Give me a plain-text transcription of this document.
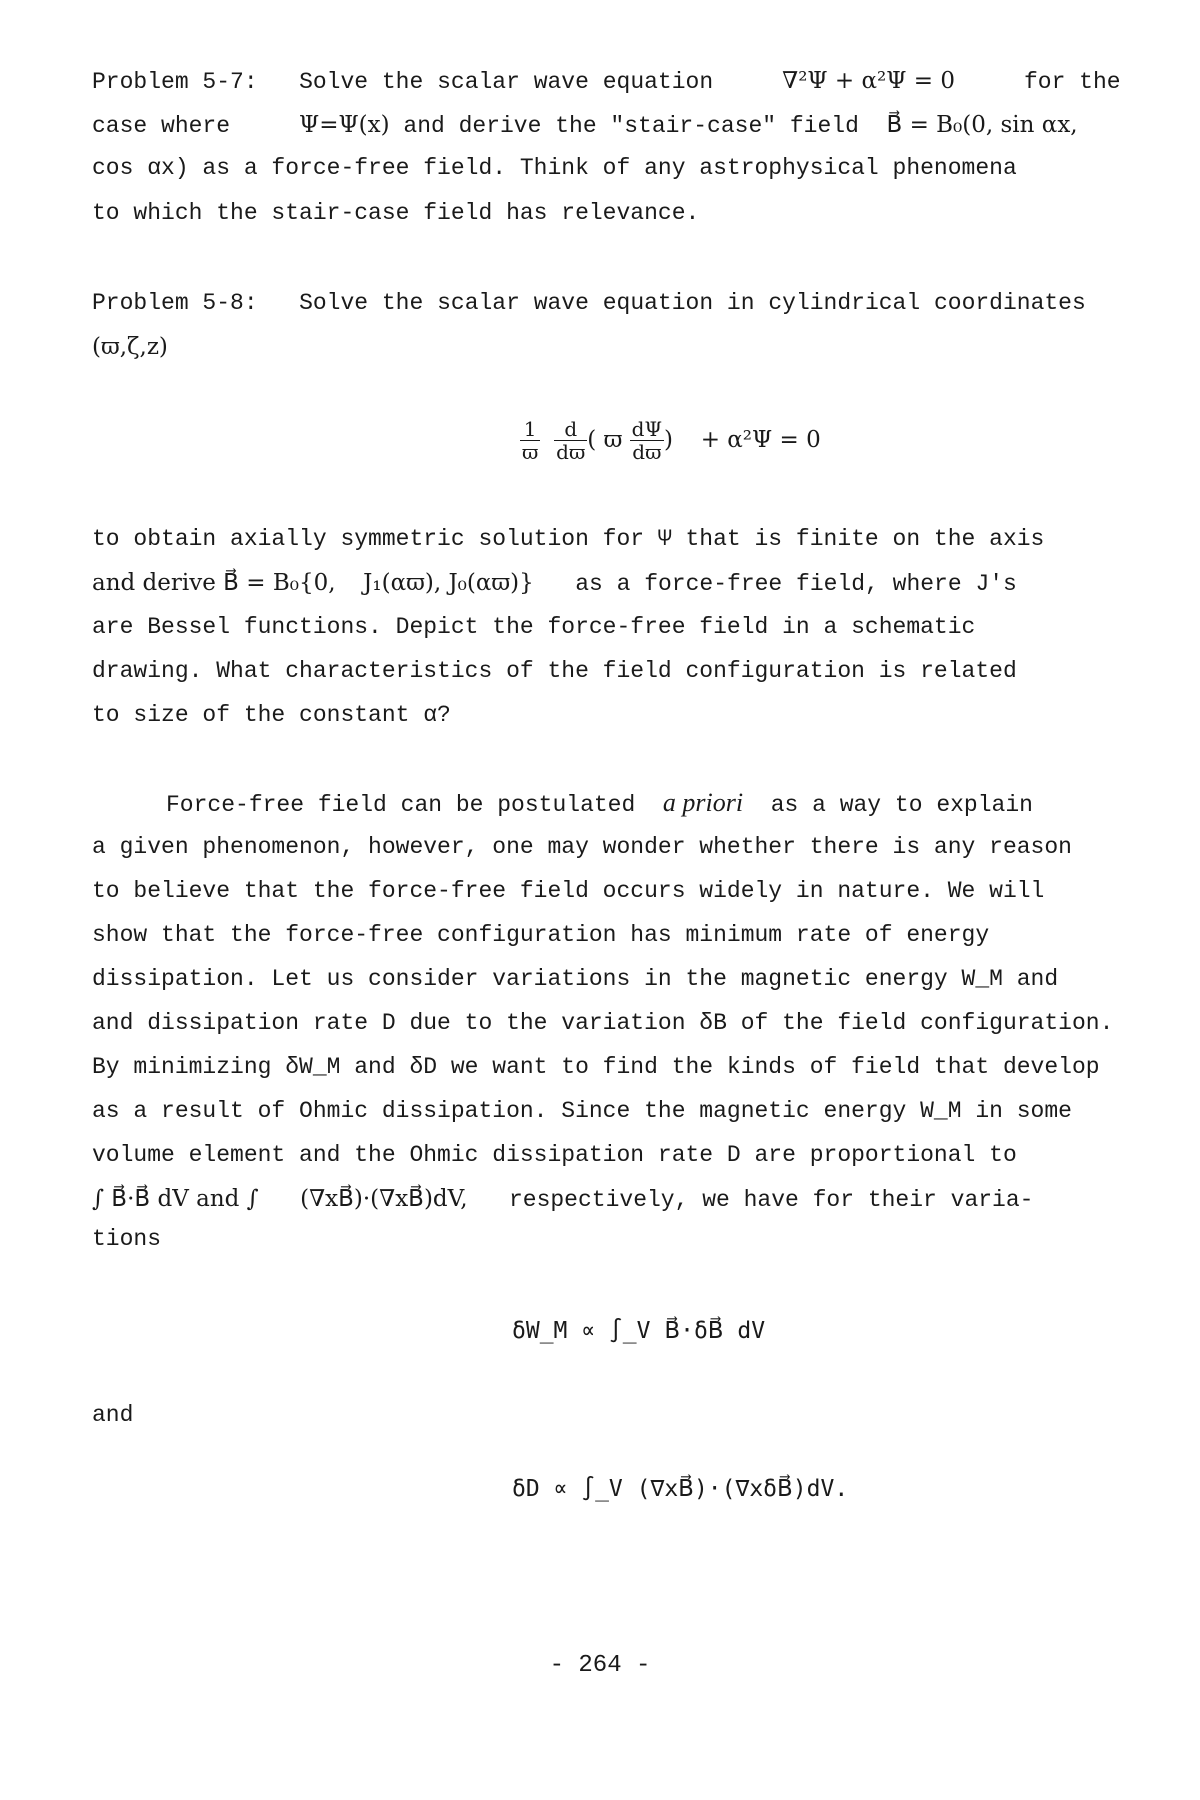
Problem 5-7: Solve the scalar wave equation	∇²Ψ + α²Ψ = 0	for the
case where	Ψ=Ψ(x) and derive the "stair-case" field B⃗ = B₀(0, sin αx,
cos αx) as a force-free field. Think of any astrophysical phenomena
to which the stair-case field has relevance.
Problem 5-8: Solve the scalar wave equation in cylindrical coordinates
(ϖ,ζ,z)
$\frac{1}{ϖ}$
$\frac{d}{dϖ}$ ( ϖ $\frac{d\Psi}{dϖ}$ ) + α²Ψ = 0
to obtain axially symmetric solution for Ψ that is finite on the axis
and derive B⃗ = B₀{0, J₁(αϖ), J₀(αϖ)} as a force-free field, where J's
are Bessel functions. Depict the force-free field in a schematic
drawing. What characteristics of the field configuration is related
to size of the constant α?
Force-free field can be postulated a priori as a way to explain
a given phenomenon, however, one may wonder whether there is any reason
to believe that the force-free field occurs widely in nature. We will
show that the force-free configuration has minimum rate of energy
dissipation. Let us consider variations in the magnetic energy W_M and
and dissipation rate D due to the variation δB of the field configuration.
By minimizing δW_M and δD we want to find the kinds of field that develop
as a result of Ohmic dissipation. Since the magnetic energy W_M in some
volume element and the Ohmic dissipation rate D are proportional to
∫ B⃗·B⃗ dV and ∫ (∇xB⃗)·(∇xB⃗)dV, respectively, we have for their varia-
tions
δW_M ∝ ∫_V B⃗·δB⃗ dV
and
δD ∝ ∫_V (∇xB⃗)·(∇xδB⃗)dV.
- 264 -
